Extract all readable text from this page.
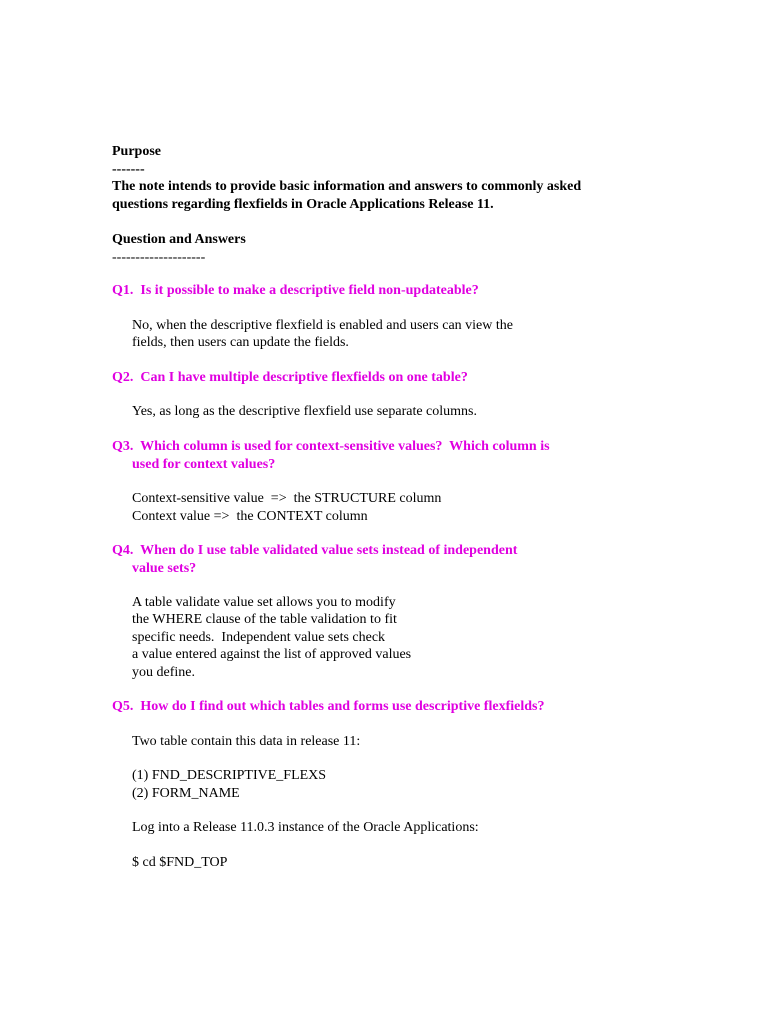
Purpose

-------

The note intends to provide basic information and answers to commonly asked

questions regarding flexfields in Oracle Applications Release 11.

Question and Answers

--------------------

Q1.  Is it possible to make a descriptive field non-updateable?

No, when the descriptive flexfield is enabled and users can view the

fields, then users can update the fields.

Q2.  Can I have multiple descriptive flexfields on one table?

Yes, as long as the descriptive flexfield use separate columns.

Q3.  Which column is used for context-sensitive values?  Which column is

used for context values?

Context-sensitive value  =>  the STRUCTURE column

Context value =>  the CONTEXT column

Q4.  When do I use table validated value sets instead of independent

value sets?

A table validate value set allows you to modify

the WHERE clause of the table validation to fit

specific needs.  Independent value sets check

a value entered against the list of approved values

you define.

Q5.  How do I find out which tables and forms use descriptive flexfields?

Two table contain this data in release 11:

(1) FND_DESCRIPTIVE_FLEXS

(2) FORM_NAME

Log into a Release 11.0.3 instance of the Oracle Applications:

$ cd $FND_TOP
